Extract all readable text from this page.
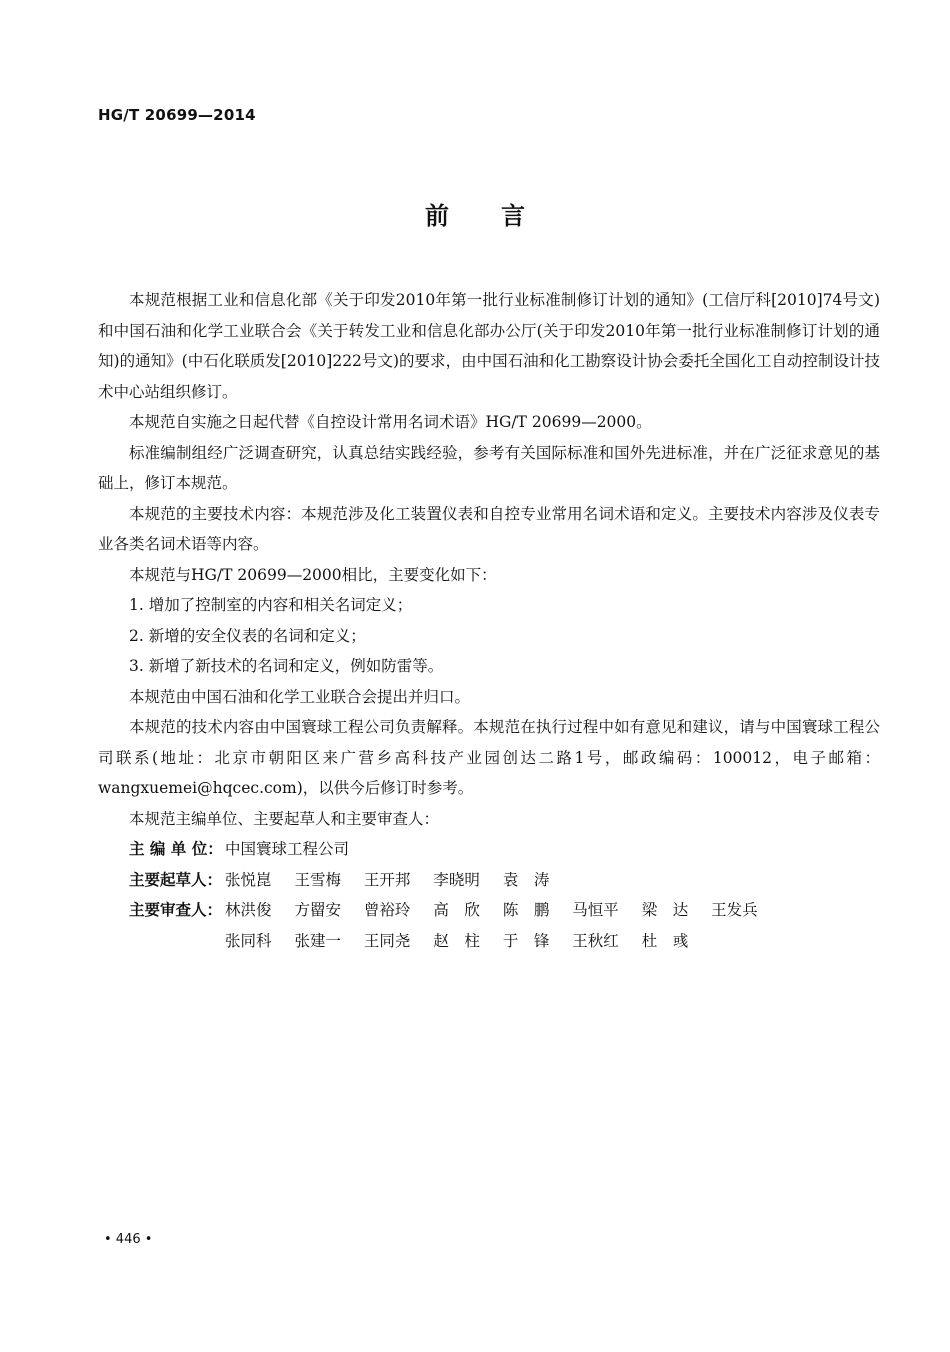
HG/T 20699—2014
前言

本规范根据工业和信息化部《关于印发2010年第一批行业标准制修订计划的通知》(工信厅科[2010]74号文)和中国石油和化学工业联合会《关于转发工业和信息化部办公厅(关于印发2010年第一批行业标准制修订计划的通知)的通知》(中石化联质发[2010]222号文)的要求，由中国石油和化工勘察设计协会委托全国化工自动控制设计技术中心站组织修订。

本规范自实施之日起代替《自控设计常用名词术语》HG/T 20699—2000。

标准编制组经广泛调查研究，认真总结实践经验，参考有关国际标准和国外先进标准，并在广泛征求意见的基础上，修订本规范。

本规范的主要技术内容：本规范涉及化工装置仪表和自控专业常用名词术语和定义。主要技术内容涉及仪表专业各类名词术语等内容。

本规范与HG/T 20699—2000相比，主要变化如下：

1. 增加了控制室的内容和相关名词定义；
2. 新增的安全仪表的名词和定义；
3. 新增了新技术的名词和定义，例如防雷等。

本规范由中国石油和化学工业联合会提出并归口。

本规范的技术内容由中国寰球工程公司负责解释。本规范在执行过程中如有意见和建议，请与中国寰球工程公司联系(地址：北京市朝阳区来广营乡高科技产业园创达二路1号，邮政编码：100012，电子邮箱：wangxuemei@hqcec.com)，以供今后修订时参考。

本规范主编单位、主要起草人和主要审查人：

主 编 单 位： 中国寰球工程公司
主要起草人： 张悦崑 王雪梅 王开邦 李晓明 袁　涛
主要审查人： 林洪俊 方罶安 曾裕玲 高　欣 陈　鹏 马恒平 梁　达 王发兵
张同科 张建一 王同尧 赵　柱 于　锋 王秋红 杜　彧
• 446 •
